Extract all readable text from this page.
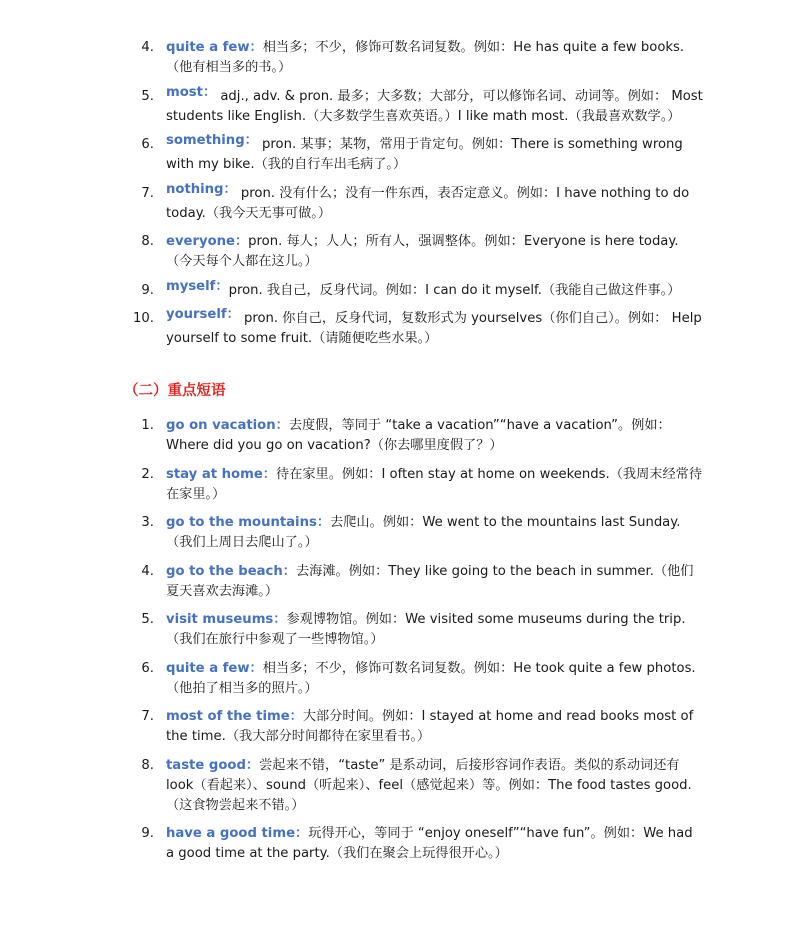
4. quite a few：相当多；不少，修饰可数名词复数。例如：He has quite a few books.（他有相当多的书。）
5. most： adj., adv. & pron. 最多；大多数；大部分，可以修饰名词、动词等。例如： Most students like English.（大多数学生喜欢英语。）I like math most.（我最喜欢数学。）
6. something： pron. 某事；某物，常用于肯定句。例如：There is something wrong with my bike.（我的自行车出毛病了。）
7. nothing： pron. 没有什么；没有一件东西，表否定意义。例如：I have nothing to do today.（我今天无事可做。）
8. everyone：pron. 每人；人人；所有人，强调整体。例如：Everyone is here today.（今天每个人都在这儿。）
9. myself：pron. 我自己，反身代词。例如：I can do it myself.（我能自己做这件事。）
10. yourself： pron. 你自己，反身代词，复数形式为 yourselves（你们自己）。例如： Help yourself to some fruit.（请随便吃些水果。）
（二）重点短语
1. go on vacation：去度假，等同于 “take a vacation”“have a vacation”。例如：Where did you go on vacation?（你去哪里度假了？）
2. stay at home：待在家里。例如：I often stay at home on weekends.（我周末经常待在家里。）
3. go to the mountains：去爬山。例如：We went to the mountains last Sunday.（我们上周日去爬山了。）
4. go to the beach：去海滩。例如：They like going to the beach in summer.（他们夏天喜欢去海滩。）
5. visit museums：参观博物馆。例如：We visited some museums during the trip.（我们在旅行中参观了一些博物馆。）
6. quite a few：相当多；不少，修饰可数名词复数。例如：He took quite a few photos.（他拍了相当多的照片。）
7. most of the time：大部分时间。例如：I stayed at home and read books most of the time.（我大部分时间都待在家里看书。）
8. taste good：尝起来不错，“taste” 是系动词，后接形容词作表语。类似的系动词还有 look（看起来）、sound（听起来）、feel（感觉起来）等。例如：The food tastes good.（这食物尝起来不错。）
9. have a good time：玩得开心，等同于 “enjoy oneself”“have fun”。例如：We had a good time at the party.（我们在聚会上玩得很开心。）
